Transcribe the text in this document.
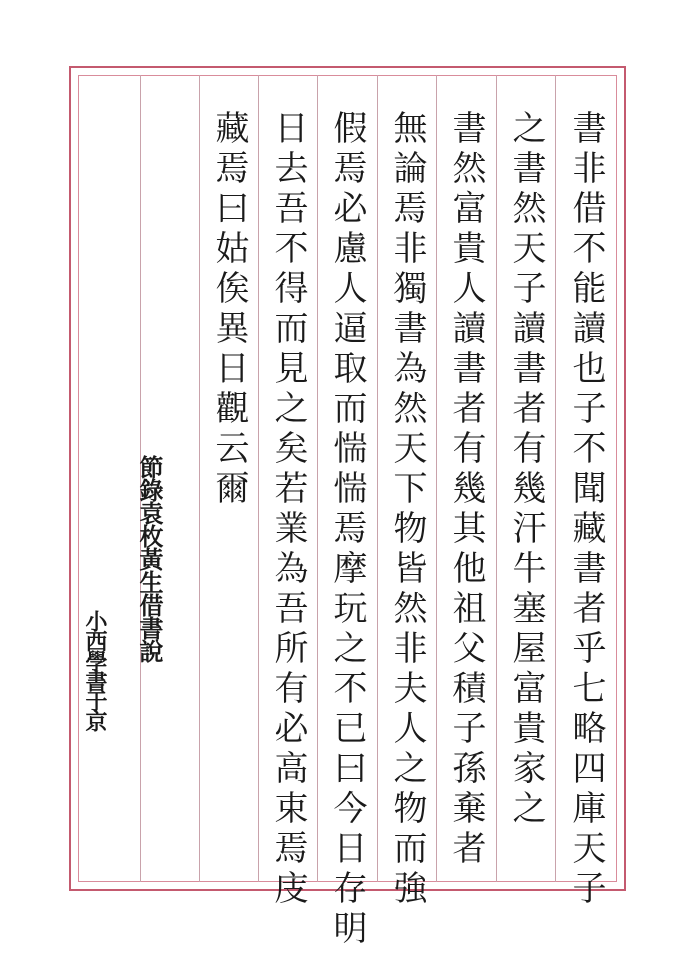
書非借不能讀也子不聞藏書者乎七略四庫天子
之書然天子讀書者有幾汗牛塞屋富貴家之
書然富貴人讀書者有幾其他祖父積子孫棄者
無論焉非獨書為然天下物皆然非夫人之物而強
假焉必慮人逼取而惴惴焉摩玩之不已曰今日存明
日去吾不得而見之矣若業為吾所有必高束焉庋
藏焉曰姑俟異日觀云爾
節錄袁枚黃生借書說
小西學書于京
